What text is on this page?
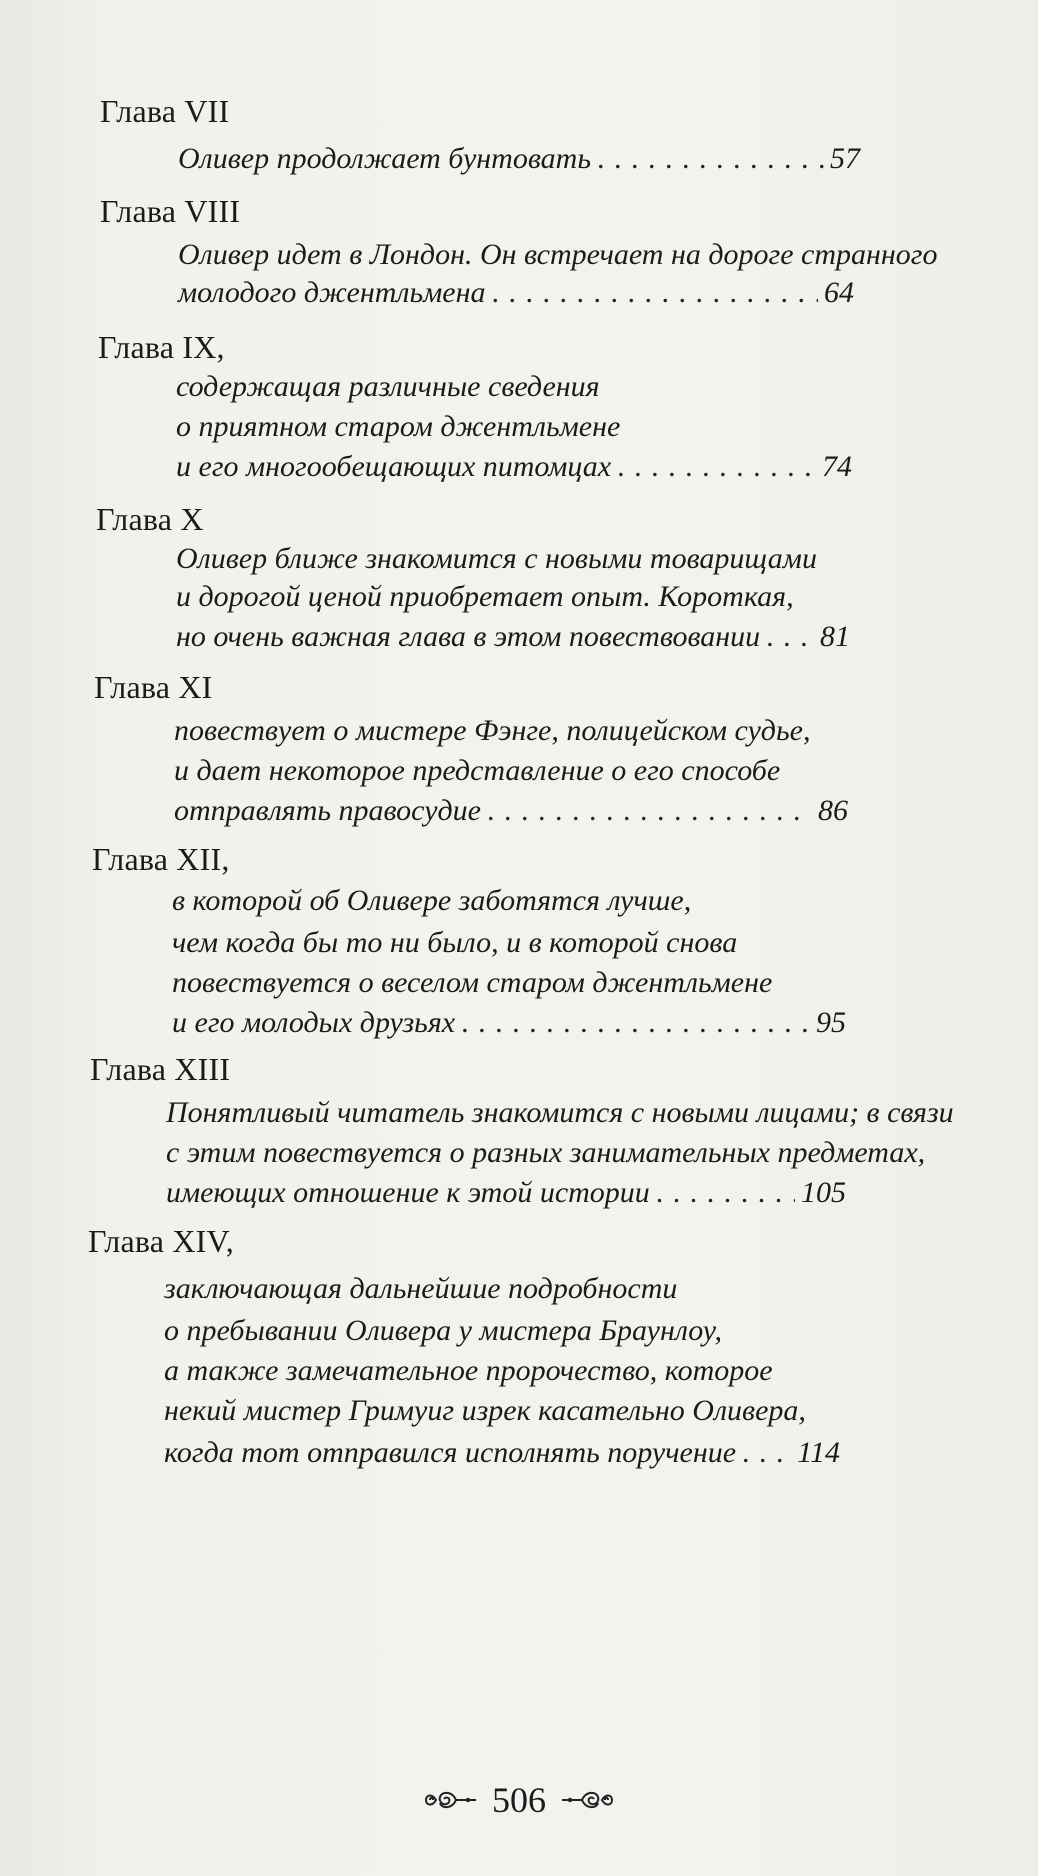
Глава VII
Оливер продолжает бунтовать . . .	57
Глава VIII
Оливер идет в Лондон. Он встречает на дороге странного
молодого джентльмена . . .	64
Глава IX,
содержащая различные сведения
о приятном старом джентльмене
и его многообещающих питомцах . . .	74
Глава X
Оливер ближе знакомится с новыми товарищами
и дорогой ценой приобретает опыт. Короткая,
но очень важная глава в этом повествовании . . . 81
Глава XI
повествует о мистере Фэнге, полицейском судье,
и дает некоторое представление о его способе
отправлять правосудие . . .	86
Глава XII,
в которой об Оливере заботятся лучше,
чем когда бы то ни было, и в которой снова
повествуется о веселом старом джентльмене
и его молодых друзьях . . .	95
Глава XIII
Понятливый читатель знакомится с новыми лицами; в связи
с этим повествуется о разных занимательных предметах,
имеющих отношение к этой истории . . .	105
Глава XIV,
заключающая дальнейшие подробности
о пребывании Оливера у мистера Браунлоу,
а также замечательное пророчество, которое
некий мистер Гримуиг изрек касательно Оливера,
когда тот отправился исполнять поручение . . . 114
506
